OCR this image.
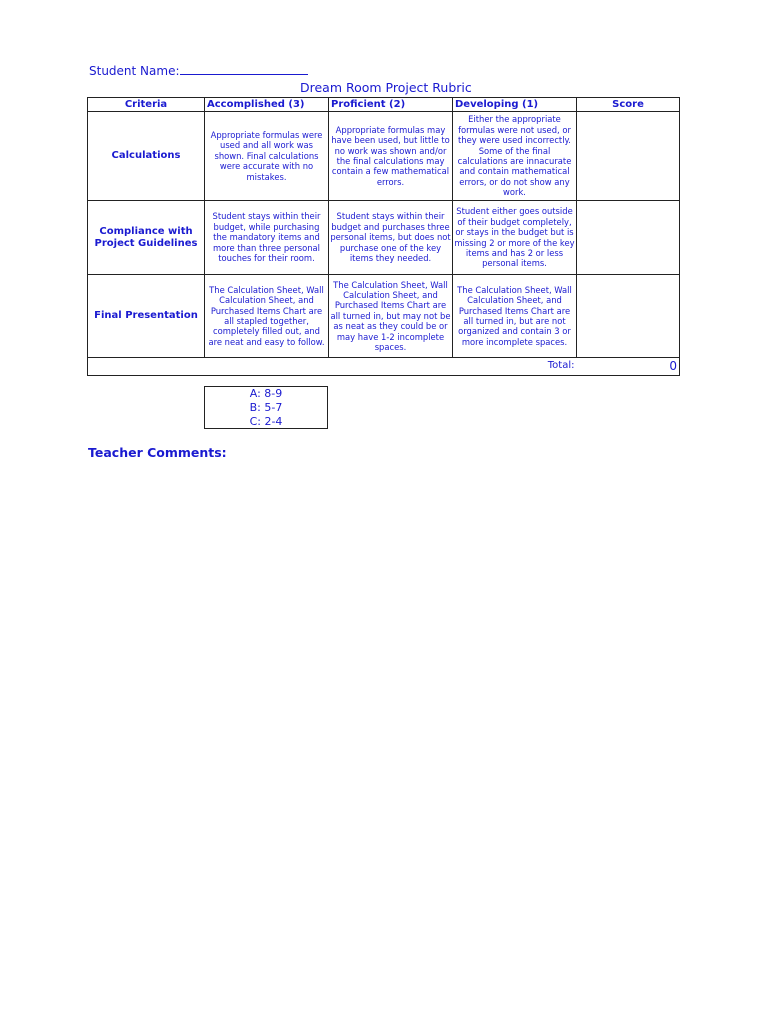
Student Name:
Dream Room Project Rubric
Criteria	Accomplished (3)	Proficient (2)	Developing (1)	Score
Calculations	Appropriate formulas were used and all work was shown. Final calculations were accurate with no mistakes.	Appropriate formulas may have been used, but little to no work was shown and/or the final calculations may contain a few mathematical errors.	Either the appropriate formulas were not used, or they were used incorrectly. Some of the final calculations are innacurate and contain mathematical errors, or do not show any work.	
Compliance with Project Guidelines	Student stays within their budget, while purchasing the mandatory items and more than three personal touches for their room.	Student stays within their budget and purchases three personal items, but does not purchase one of the key items they needed.	Student either goes outside of their budget completely, or stays in the budget but is missing 2 or more of the key items and has 2 or less personal items.	
Final Presentation	The Calculation Sheet, Wall Calculation Sheet, and Purchased Items Chart are all stapled together, completely filled out, and are neat and easy to follow.	The Calculation Sheet, Wall Calculation Sheet, and Purchased Items Chart are all turned in, but may not be as neat as they could be or may have 1-2 incomplete spaces.	The Calculation Sheet, Wall Calculation Sheet, and Purchased Items Chart are all turned in, but are not organized and contain 3 or more incomplete spaces.	
Total:				0
A: 8-9
B: 5-7
C: 2-4
Teacher Comments:
